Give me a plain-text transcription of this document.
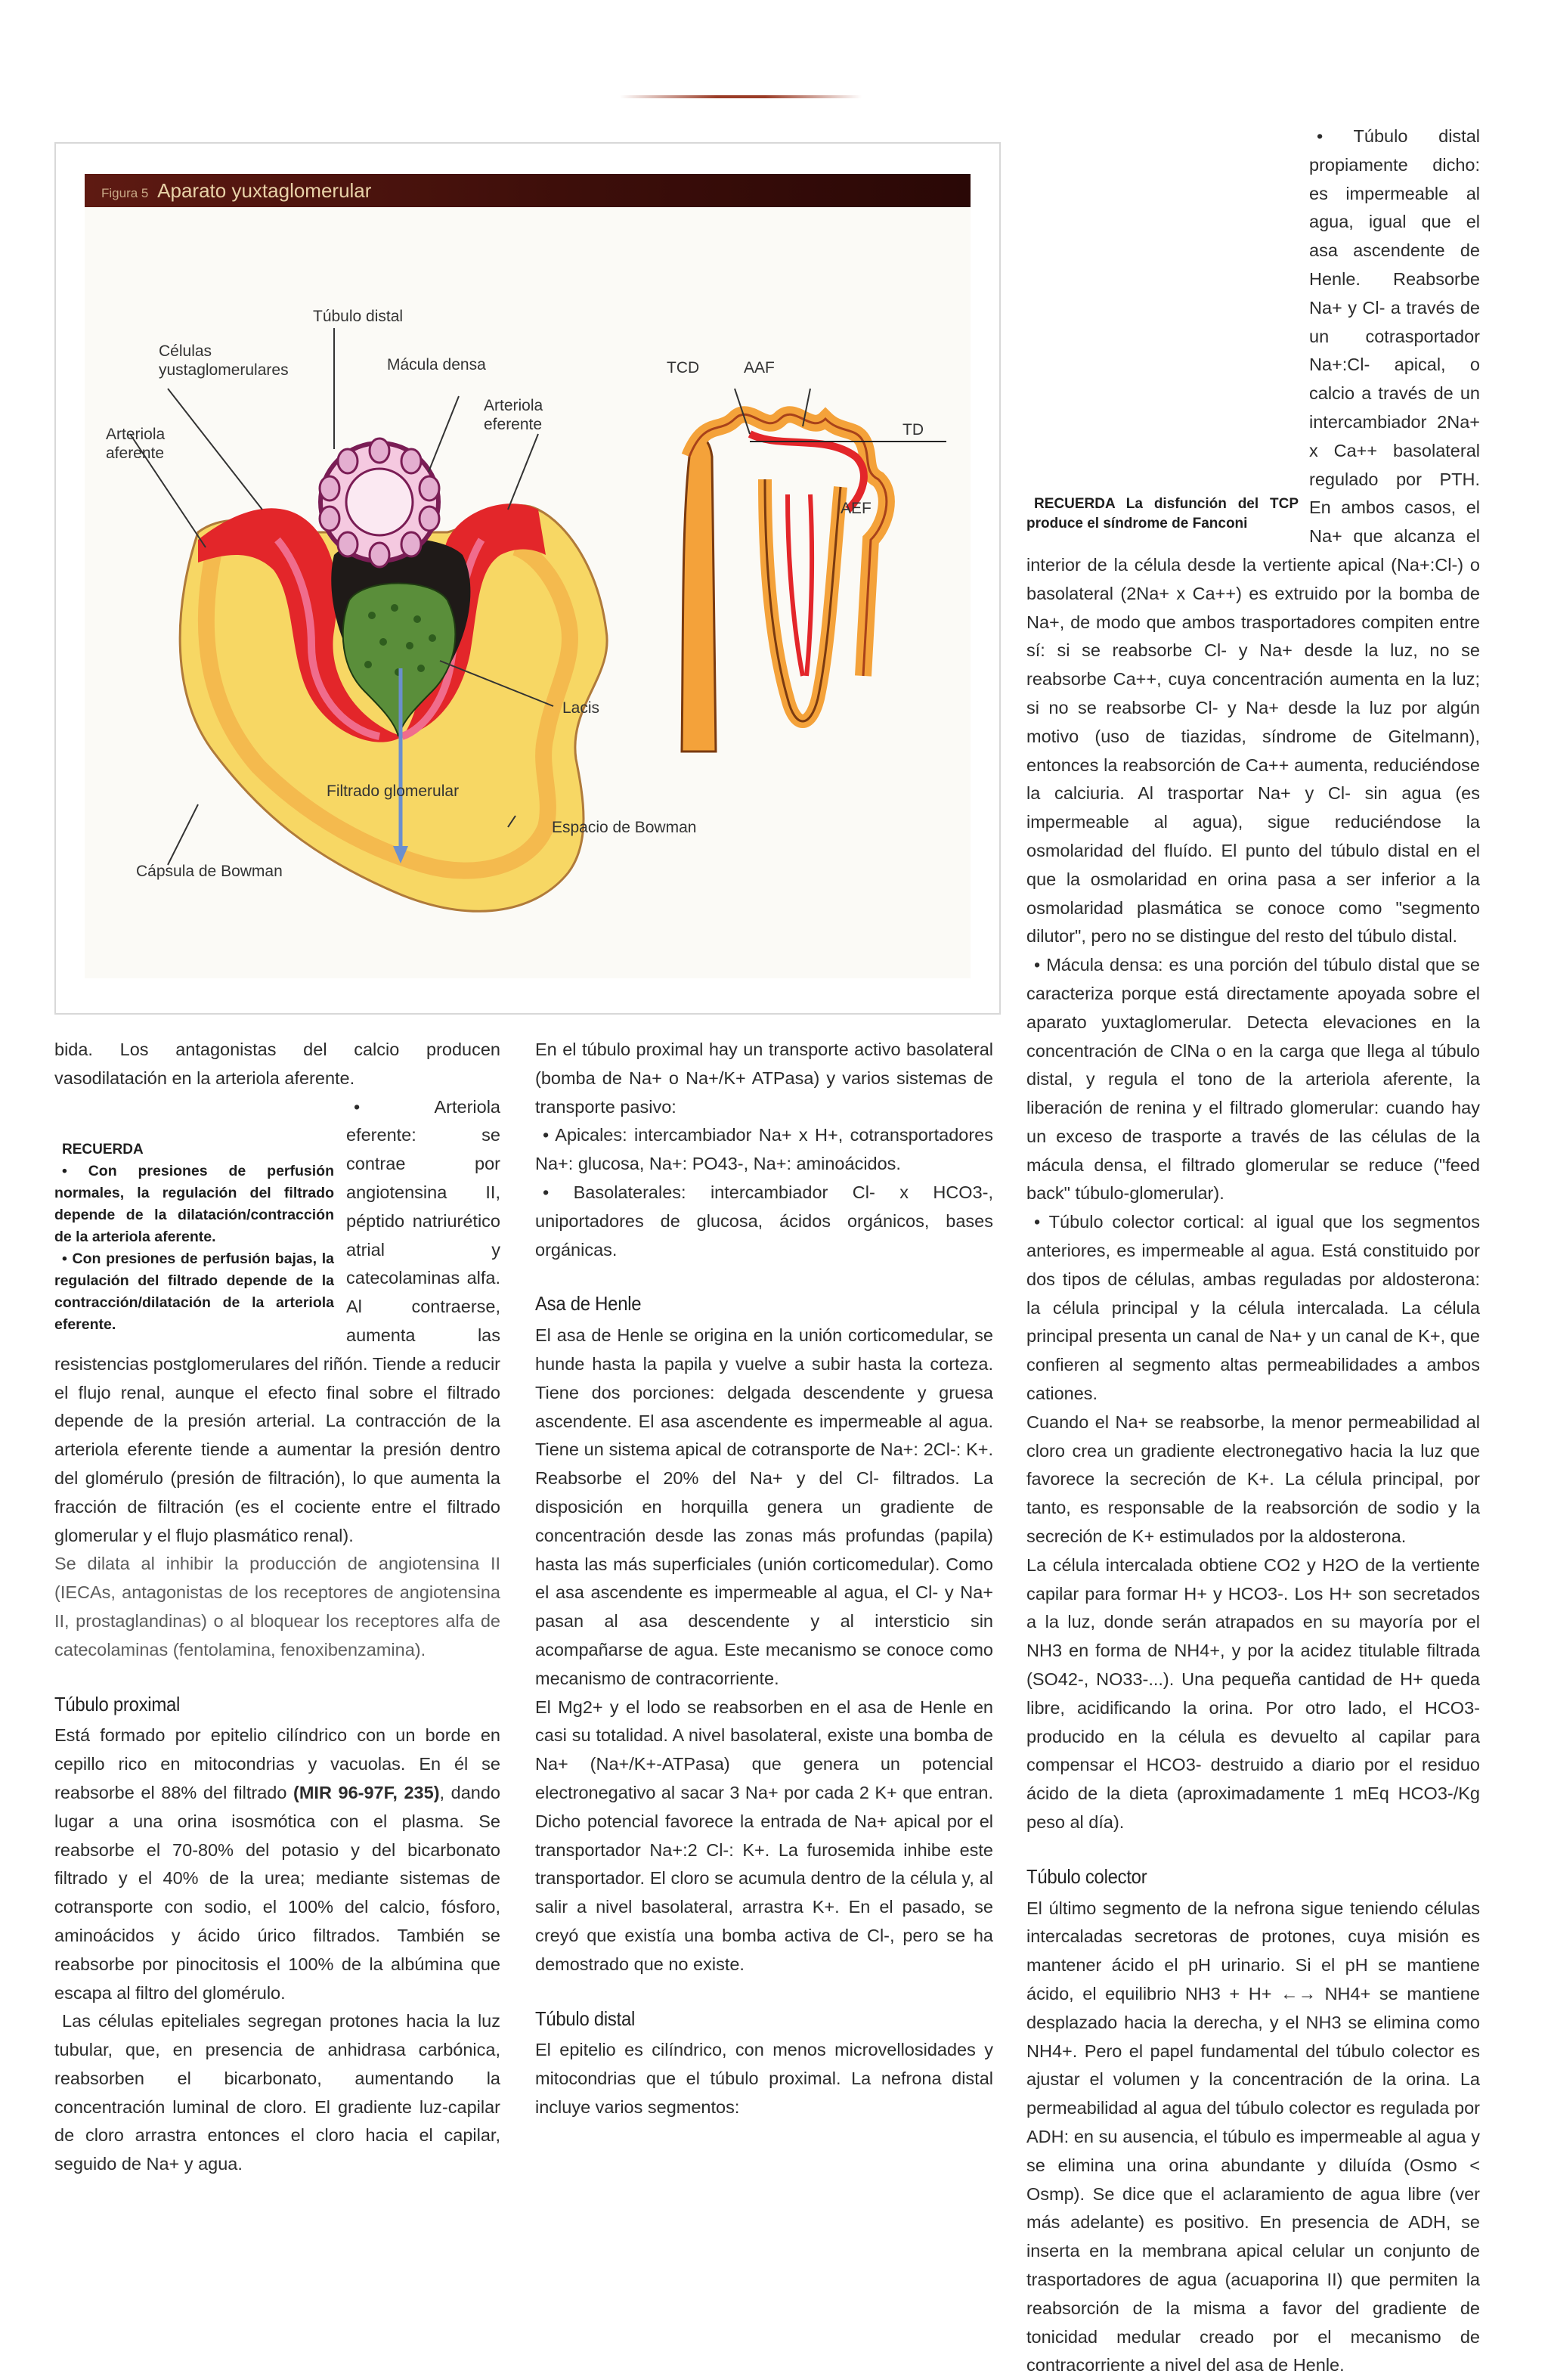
Figura 5 Aparato yuxtaglomerular
Túbulo distal
Células
yustaglomerulares	Mácula densa
Arteriola
eferente
Arteriola
aferente
Lacis
Filtrado glomerular
Espacio de Bowman
Cápsula de Bowman
TCD	AAF
TD
AEF

bida. Los antagonistas del calcio producen vasodilatación en la arteriola aferente.

RECUERDA
• Con presiones de perfusión normales, la regulación del filtrado depende de la dilatación/contracción de la arteriola aferente.
• Con presiones de perfusión bajas, la regulación del filtrado depende de la contracción/dilatación de la arteriola eferente.
• Arteriola eferente: se contrae por angiotensina II, péptido natriurético atrial y catecolaminas alfa. Al contraerse, aumenta las resistencias postglomerulares del riñón. Tiende a reducir el flujo renal, aunque el efecto final sobre el filtrado depende de la presión arterial. La contracción de la arteriola eferente tiende a aumentar la presión dentro del glomérulo (presión de filtración), lo que aumenta la fracción de filtración (es el cociente entre el filtrado glomerular y el flujo plasmático renal).

Se dilata al inhibir la producción de angiotensina II (IECAs, antagonistas de los receptores de angiotensina II, prostaglandinas) o al bloquear los receptores alfa de catecolaminas (fentolamina, fenoxibenzamina).

Túbulo proximal

Está formado por epitelio cilíndrico con un borde en cepillo rico en mitocondrias y vacuolas. En él se reabsorbe el 88% del filtrado (MIR 96-97F, 235), dando lugar a una orina isosmótica con el plasma. Se reabsorbe el 70-80% del potasio y del bicarbonato filtrado y el 40% de la urea; mediante sistemas de cotransporte con sodio, el 100% del calcio, fósforo, aminoácidos y ácido úrico filtrados. También se reabsorbe por pinocitosis el 100% de la albúmina que escapa al filtro del glomérulo.

Las células epiteliales segregan protones hacia la luz tubular, que, en presencia de anhidrasa carbónica, reabsorben el bicarbonato, aumentando la concentración luminal de cloro. El gradiente luz-capilar de cloro arrastra entonces el cloro hacia el capilar, seguido de Na+ y agua.

En el túbulo proximal hay un transporte activo basolateral (bomba de Na+ o Na+/K+ ATPasa) y varios sistemas de transporte pasivo:

• Apicales: intercambiador Na+ x H+, cotransportadores Na+: glucosa, Na+: PO43-, Na+: aminoácidos.

• Basolaterales: intercambiador Cl- x HCO3-, uniportadores de glucosa, ácidos orgánicos, bases orgánicas.

Asa de Henle

El asa de Henle se origina en la unión corticomedular, se hunde hasta la papila y vuelve a subir hasta la corteza. Tiene dos porciones: delgada descendente y gruesa ascendente. El asa ascendente es impermeable al agua. Tiene un sistema apical de cotransporte de Na+: 2Cl-: K+. Reabsorbe el 20% del Na+ y del Cl- filtrados. La disposición en horquilla genera un gradiente de concentración desde las zonas más profundas (papila) hasta las más superficiales (unión corticomedular). Como el asa ascendente es impermeable al agua, el Cl- y Na+ pasan al asa descendente y al intersticio sin acompañarse de agua. Este mecanismo se conoce como mecanismo de contracorriente.

El Mg2+ y el lodo se reabsorben en el asa de Henle en casi su totalidad. A nivel basolateral, existe una bomba de Na+ (Na+/K+-ATPasa) que genera un potencial electronegativo al sacar 3 Na+ por cada 2 K+ que entran. Dicho potencial favorece la entrada de Na+ apical por el transportador Na+:2 Cl-: K+. La furosemida inhibe este transportador. El cloro se acumula dentro de la célula y, al salir a nivel basolateral, arrastra K+. En el pasado, se creyó que existía una bomba activa de Cl-, pero se ha demostrado que no existe.

Túbulo distal

El epitelio es cilíndrico, con menos microvellosidades y mitocondrias que el túbulo proximal. La nefrona distal incluye varios segmentos:

RECUERDA La disfunción del TCP produce el síndrome de Fanconi
• Túbulo distal propiamente dicho: es impermeable al agua, igual que el asa ascendente de Henle. Reabsorbe Na+ y Cl- a través de un cotrasportador Na+:Cl- apical, o calcio a través de un intercambiador 2Na+ x Ca++ basolateral regulado por PTH. En ambos casos, el Na+ que alcanza el interior de la célula desde la vertiente apical (Na+:Cl-) o basolateral (2Na+ x Ca++) es extruido por la bomba de Na+, de modo que ambos trasportadores compiten entre sí: si se reabsorbe Cl- y Na+ desde la luz, no se reabsorbe Ca++, cuya concentración aumenta en la luz; si no se reabsorbe Cl- y Na+ desde la luz por algún motivo (uso de tiazidas, síndrome de Gitelmann), entonces la reabsorción de Ca++ aumenta, reduciéndose la calciuria. Al trasportar Na+ y Cl- sin agua (es impermeable al agua), sigue reduciéndose la osmolaridad del fluído. El punto del túbulo distal en el que la osmolaridad en orina pasa a ser inferior a la osmolaridad plasmática se conoce como "segmento dilutor", pero no se distingue del resto del túbulo distal.

• Mácula densa: es una porción del túbulo distal que se caracteriza porque está directamente apoyada sobre el aparato yuxtaglomerular. Detecta elevaciones en la concentración de ClNa o en la carga que llega al túbulo distal, y regula el tono de la arteriola aferente, la liberación de renina y el filtrado glomerular: cuando hay un exceso de trasporte a través de las células de la mácula densa, el filtrado glomerular se reduce ("feed back" túbulo-glomerular).

• Túbulo colector cortical: al igual que los segmentos anteriores, es impermeable al agua. Está constituido por dos tipos de células, ambas reguladas por aldosterona: la célula principal y la célula intercalada. La célula principal presenta un canal de Na+ y un canal de K+, que confieren al segmento altas permeabilidades a ambos cationes.

Cuando el Na+ se reabsorbe, la menor permeabilidad al cloro crea un gradiente electronegativo hacia la luz que favorece la secreción de K+. La célula principal, por tanto, es responsable de la reabsorción de sodio y la secreción de K+ estimulados por la aldosterona.

La célula intercalada obtiene CO2 y H2O de la vertiente capilar para formar H+ y HCO3-. Los H+ son secretados a la luz, donde serán atrapados en su mayoría por el NH3 en forma de NH4+, y por la acidez titulable filtrada (SO42-, NO33-...). Una pequeña cantidad de H+ queda libre, acidificando la orina. Por otro lado, el HCO3- producido en la célula es devuelto al capilar para compensar el HCO3- destruido a diario por el residuo ácido de la dieta (aproximadamente 1 mEq HCO3-/Kg peso al día).

Túbulo colector

El último segmento de la nefrona sigue teniendo células intercaladas secretoras de protones, cuya misión es mantener ácido el pH urinario. Si el pH se mantiene ácido, el equilibrio NH3 + H+ ←→ NH4+ se mantiene desplazado hacia la derecha, y el NH3 se elimina como NH4+. Pero el papel fundamental del túbulo colector es ajustar el volumen y la concentración de la orina. La permeabilidad al agua del túbulo colector es regulada por ADH: en su ausencia, el túbulo es impermeable al agua y se elimina una orina abundante y diluída (Osmo < Osmp). Se dice que el aclaramiento de agua libre (ver más adelante) es positivo. En presencia de ADH, se inserta en la membrana apical celular un conjunto de trasportadores de agua (acuaporina II) que permiten la reabsorción de la misma a favor del gradiente de tonicidad medular creado por el mecanismo de contracorriente a nivel del asa de Henle.
